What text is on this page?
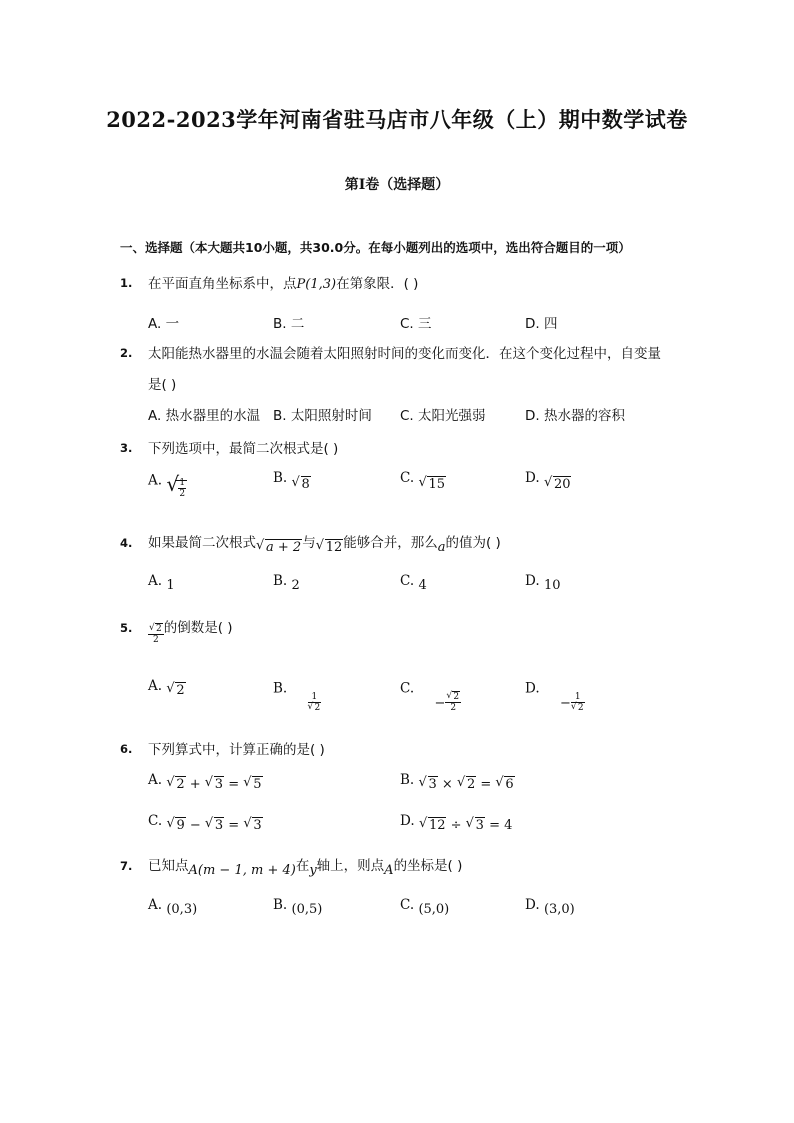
2022-2023学年河南省驻马店市八年级（上）期中数学试卷
第Ⅰ卷（选择题）
一、选择题（本大题共10小题，共30.0分。在每小题列出的选项中，选出符合题目的一项）
1. 在平面直角坐标系中，点P(1,3)在第象限．( )
A. 一	B. 二	C. 三	D. 四
2. 太阳能热水器里的水温会随着太阳照射时间的变化而变化．在这个变化过程中，自变量
是( )
A. 热水器里的水温 B. 太阳照射时间 C. 太阳光强弱	D. 热水器的容积
3. 下列选项中，最简二次根式是( )
A. √ $\frac{1}{2}$	B. √ 8	C. √ 15	D. √ 20
4. 如果最简二次根式 √ a + 2与 √ 12能够合并，那么a的值为( )
A. 1	B. 2	C. 4	D. 10
5. $\frac{√ 2}{2}$ 的倒数是( )
A. √ 2	B.
$\frac{1}{√ 2}$
C. − $\frac{√ 2}{2}$
D. − $\frac{1}{√ 2}$
6. 下列算式中，计算正确的是( )
A. √ 2 + √ 3 = √ 5	B. √ 3 × √ 2 = √ 6
C. √ 9 − √ 3 = √ 3	D. √ 12 ÷ √ 3 = 4
7. 已知点A(m − 1, m + 4)在y轴上，则点A的坐标是( )
A. (0,3)	B. (0,5)	C. (5,0)	D. (3,0)
